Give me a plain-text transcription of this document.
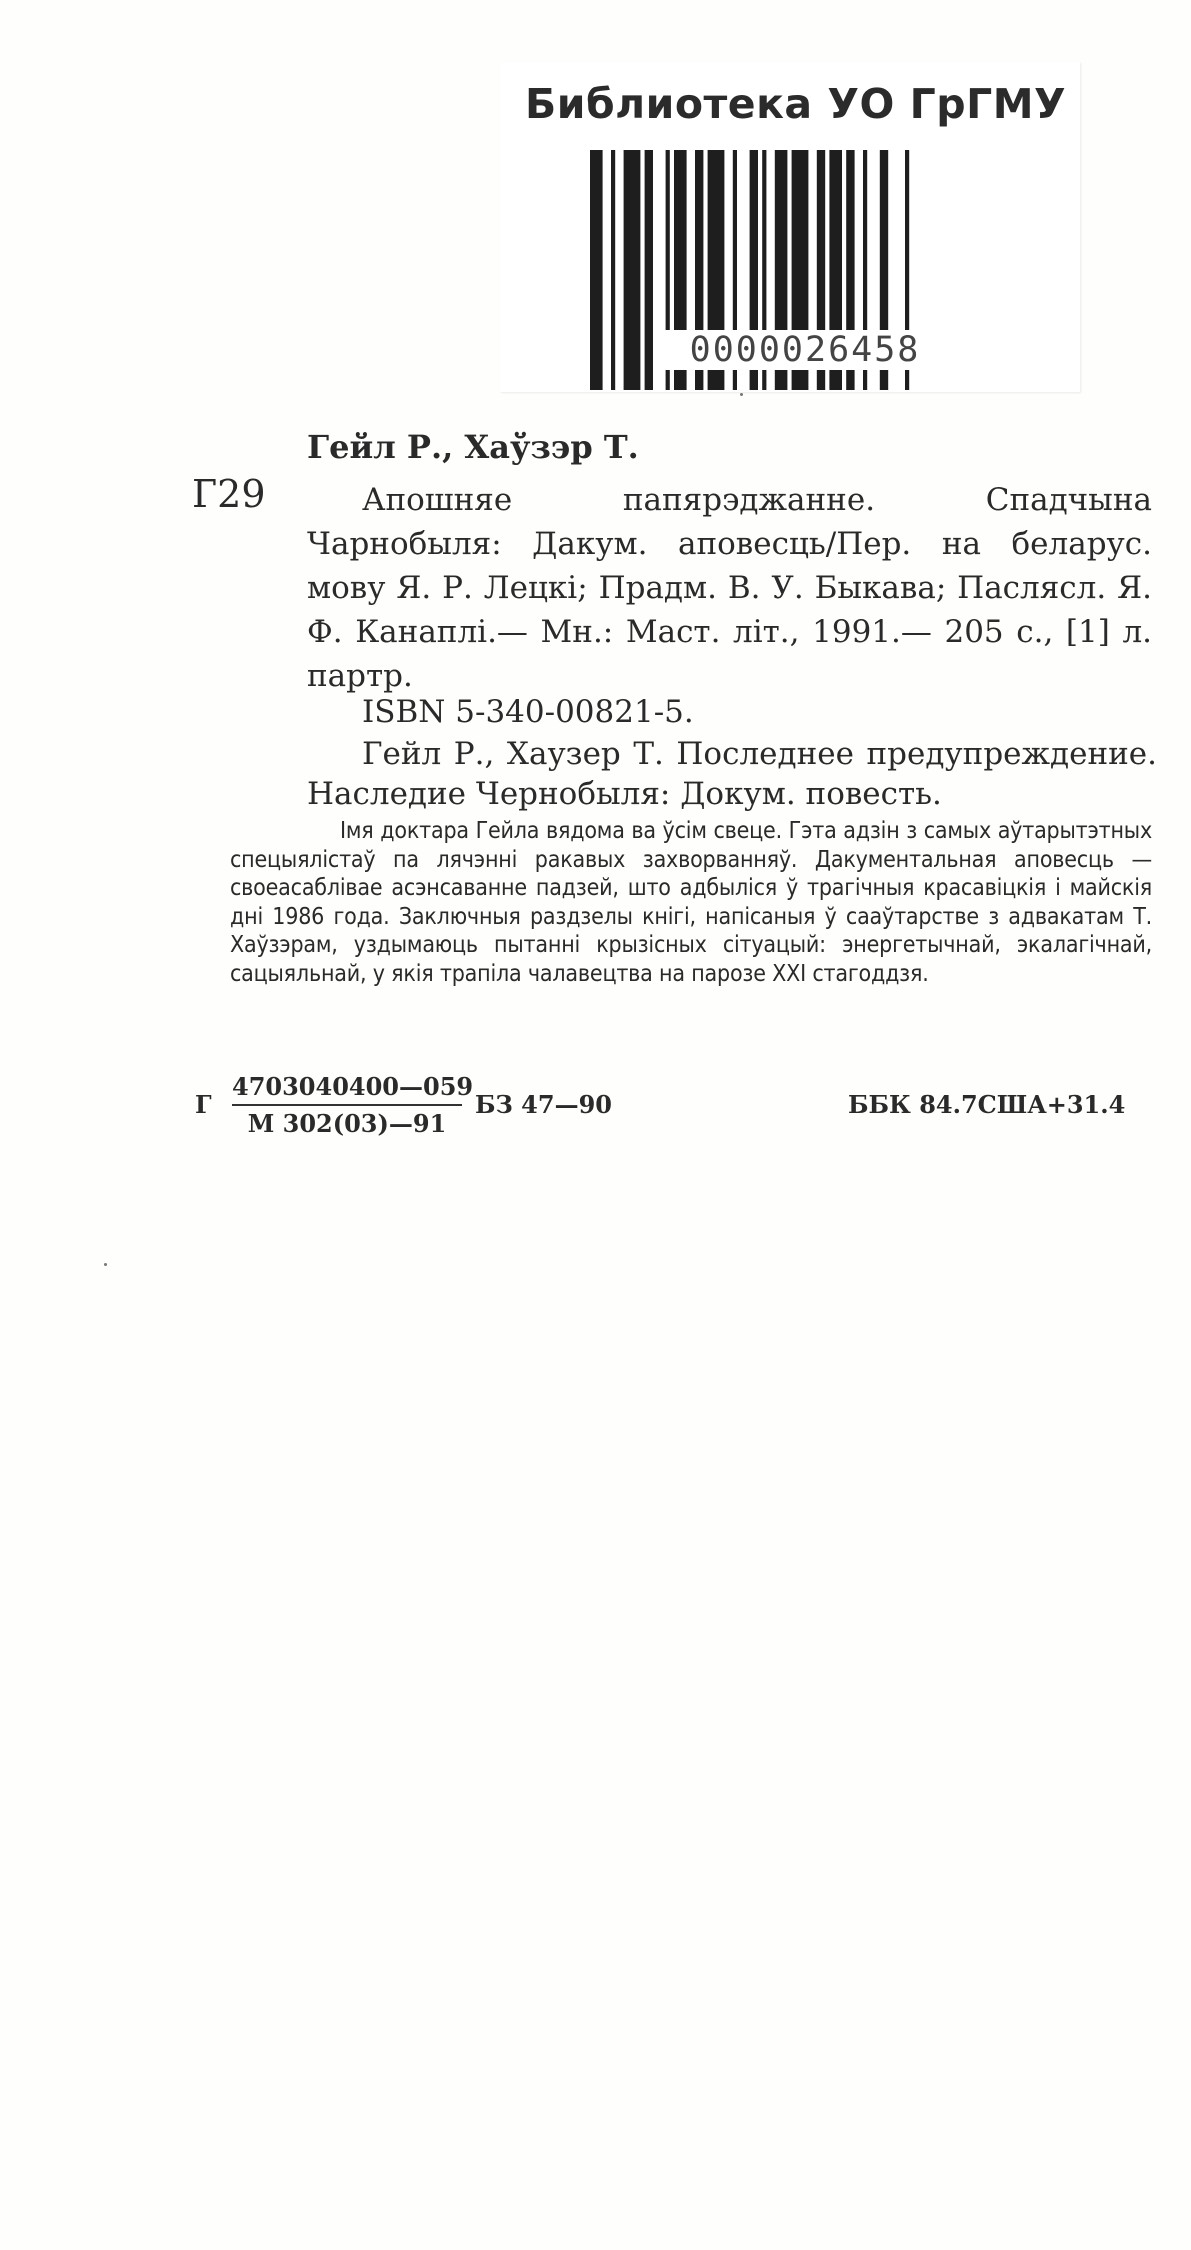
Библиотека УО ГрГМУ
0000026458
Гейл Р., Хаўзэр Т.
Г29	Апошняе папярэджанне. Спадчына Чарнобыля: Дакум. аповесць/Пер. на беларус. мову Я. Р. Лецкі; Прадм. В. У. Быкава; Пасляcл. Я. Ф. Канаплі.— Мн.: Маст. літ., 1991.— 205 с., [1] л. партр.
ISBN 5-340-00821-5.
Гейл Р., Хаузер Т. Последнее предупреждение. Наследие Чернобыля: Докум. повесть.
Імя доктара Гейла вядома ва ўсім свеце. Гэта адзін з самых аўтарытэтных спецыялістаў па лячэнні ракавых захворванняў. Дакументальная аповесць — своеасаблівае асэнсаванне падзей, што адбыліся ў трагічныя красавіцкія і майскія дні 1986 года. Заключныя раздзелы кнігі, напісаныя ў сааўтарстве з адвакатам Т. Хаўзэрам, уздымаюць пытанні крызісных сітуацый: энергетычнай, экалагічнай, сацыяльнай, у якія трапіла чалавецтва на парозе XXI стагоддзя.
Г
4703040400—059
М 302(03)—91
БЗ 47—90	ББК 84.7США+31.4
